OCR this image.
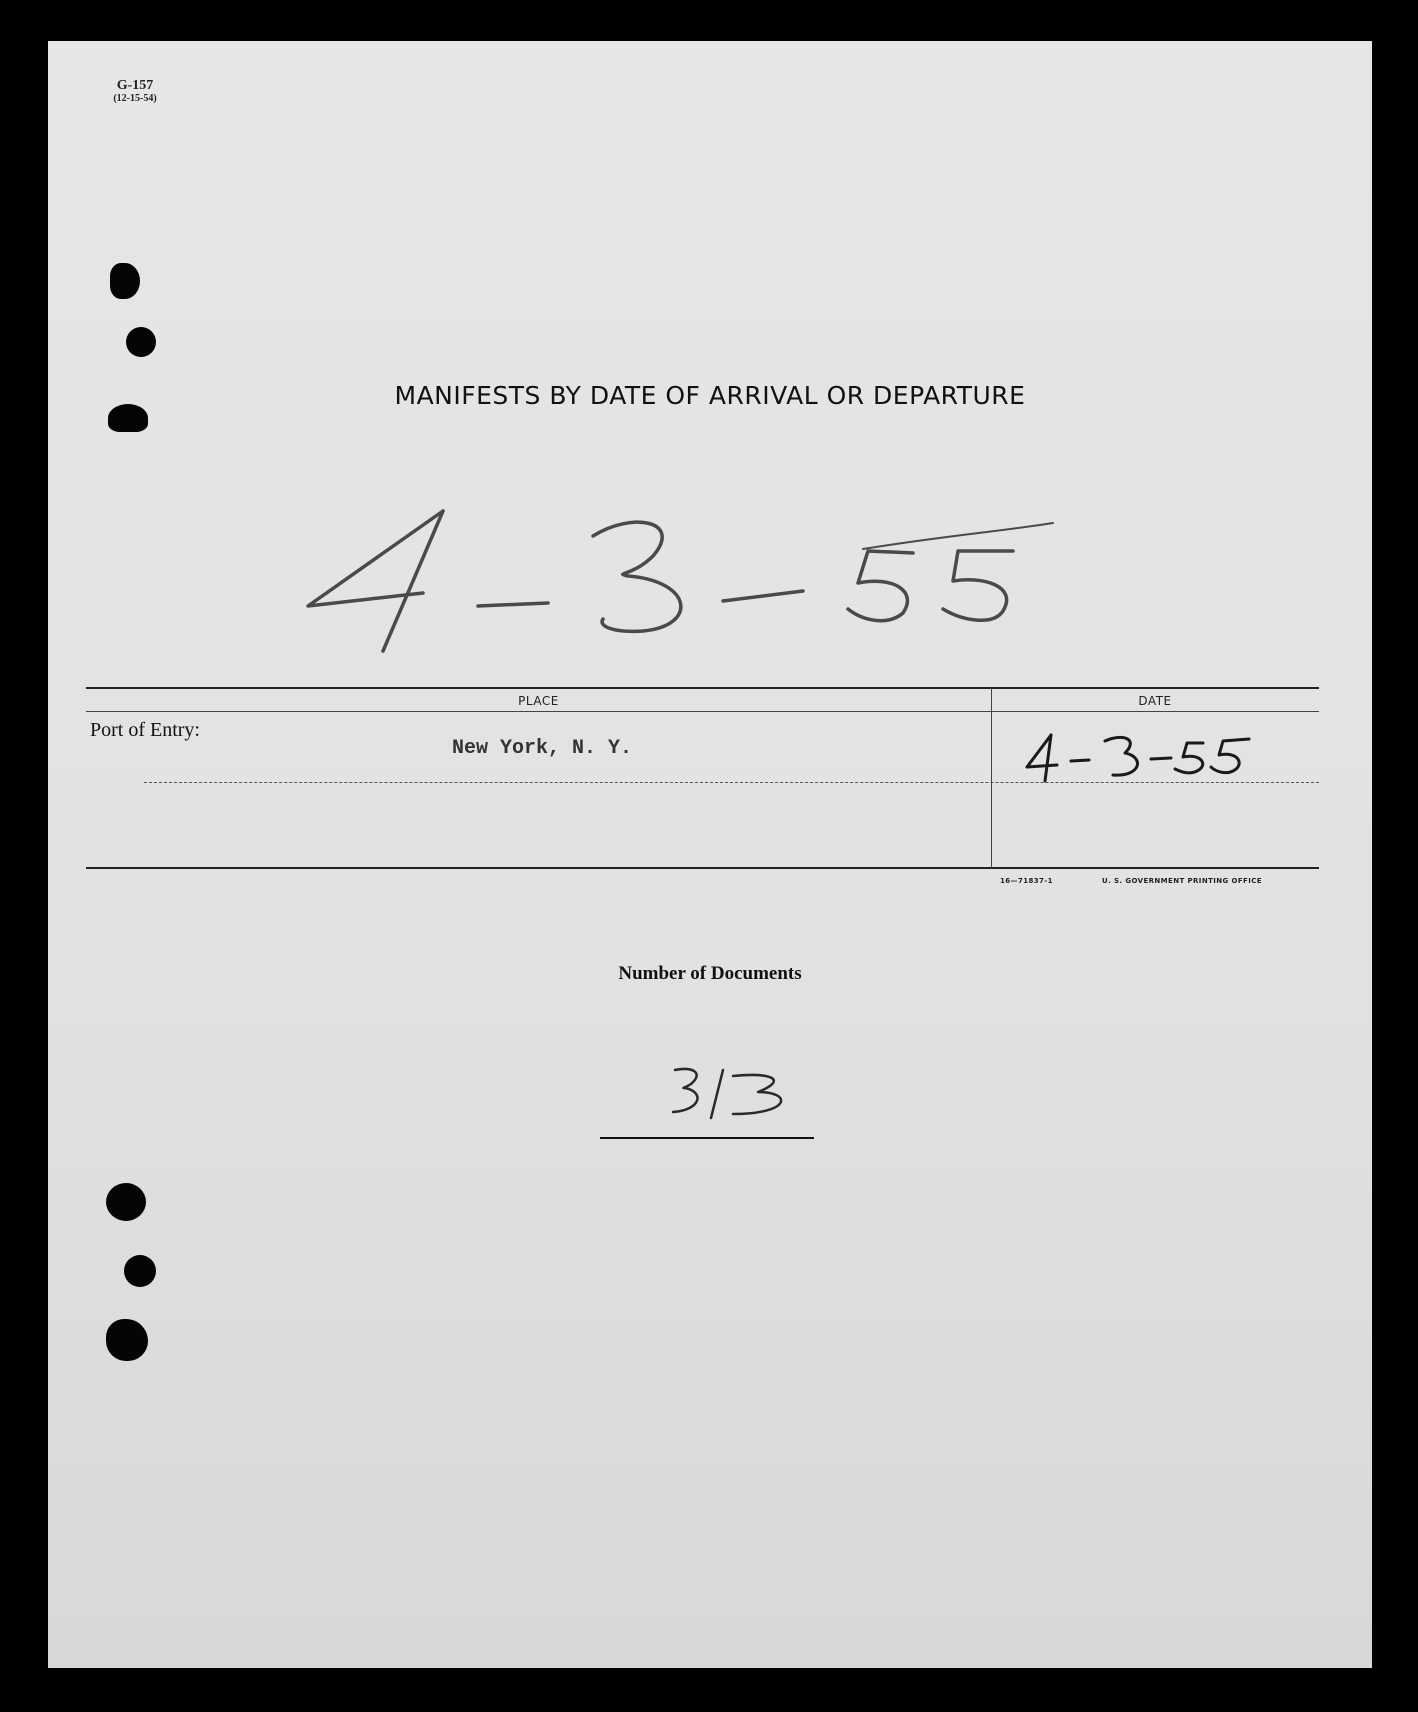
G-157
(12-15-54)
MANIFESTS BY DATE OF ARRIVAL OR DEPARTURE
PLACE	DATE
Port of Entry:
New York, N. Y.
16—71837-1	U. S. GOVERNMENT PRINTING OFFICE
Number of Documents
